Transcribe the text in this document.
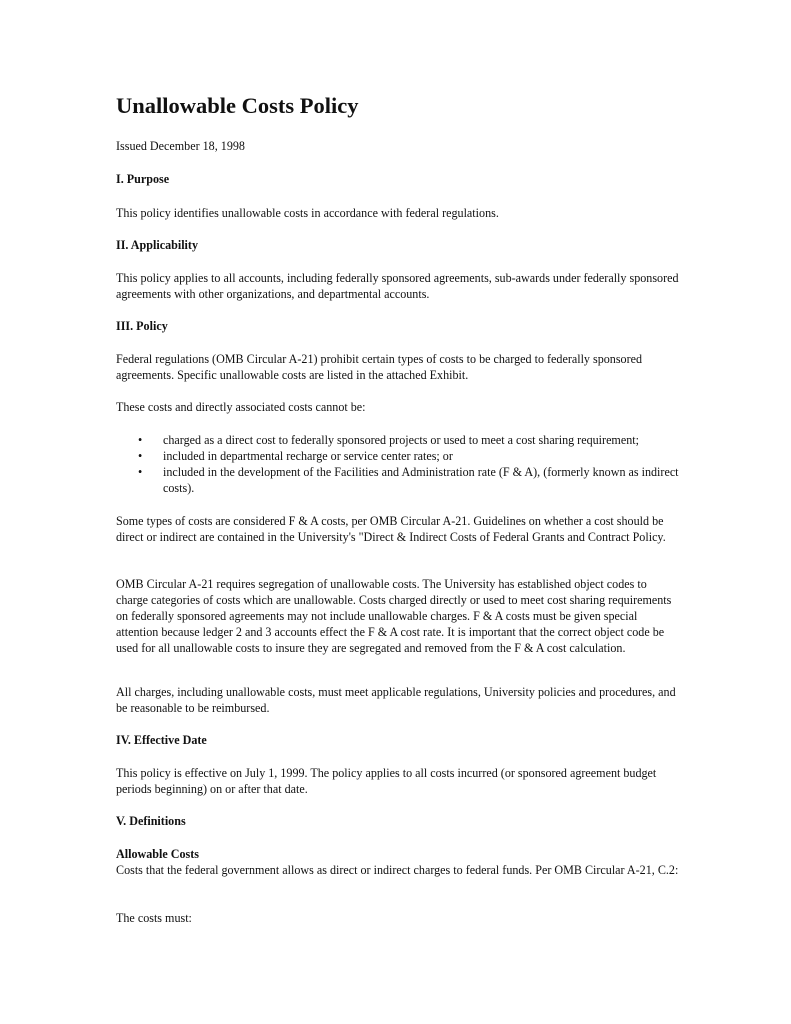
Unallowable Costs Policy

Issued December 18, 1998

I. Purpose

This policy identifies unallowable costs in accordance with federal regulations.

II. Applicability

This policy applies to all accounts, including federally sponsored agreements, sub-awards under federally sponsored agreements with other organizations, and departmental accounts.

III. Policy

Federal regulations (OMB Circular A-21) prohibit certain types of costs to be charged to federally sponsored agreements. Specific unallowable costs are listed in the attached Exhibit.

These costs and directly associated costs cannot be:

• charged as a direct cost to federally sponsored projects or used to meet a cost sharing requirement;
• included in departmental recharge or service center rates; or
• included in the development of the Facilities and Administration rate (F & A), (formerly known as indirect costs).

Some types of costs are considered F & A costs, per OMB Circular A-21. Guidelines on whether a cost should be direct or indirect are contained in the University's "Direct & Indirect Costs of Federal Grants and Contract Policy.

OMB Circular A-21 requires segregation of unallowable costs. The University has established object codes to charge categories of costs which are unallowable. Costs charged directly or used to meet cost sharing requirements on federally sponsored agreements may not include unallowable charges. F & A costs must be given special attention because ledger 2 and 3 accounts effect the F & A cost rate. It is important that the correct object code be used for all unallowable costs to insure they are segregated and removed from the F & A cost calculation.

All charges, including unallowable costs, must meet applicable regulations, University policies and procedures, and be reasonable to be reimbursed.

IV. Effective Date

This policy is effective on July 1, 1999. The policy applies to all costs incurred (or sponsored agreement budget periods beginning) on or after that date.

V. Definitions

Allowable Costs
Costs that the federal government allows as direct or indirect charges to federal funds. Per OMB Circular A-21, C.2:

The costs must:
